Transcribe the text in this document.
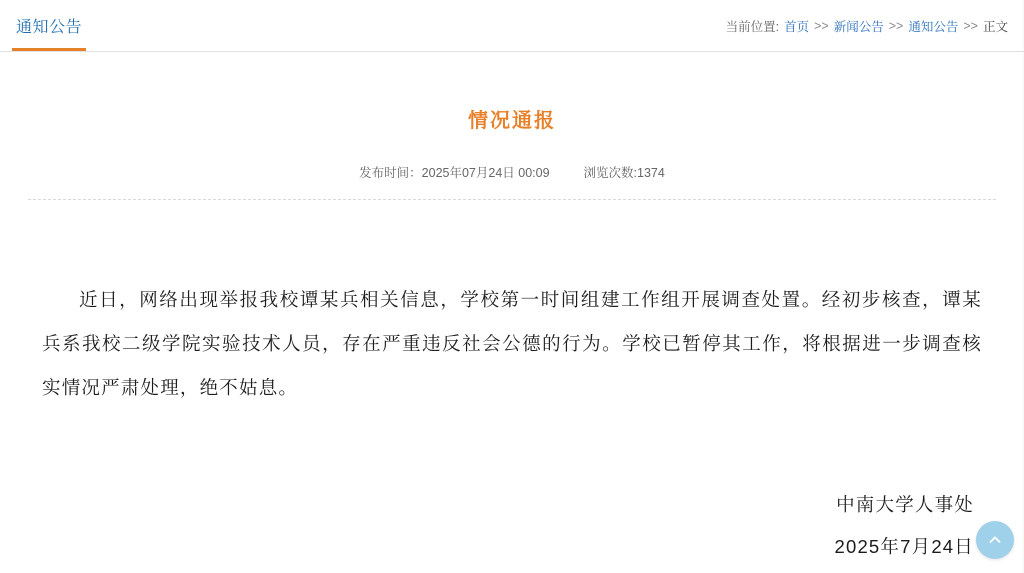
通知公告	当前位置: 首页 >> 新闻公告 >> 通知公告 >> 正文
情况通报
发布时间：2025年07月24日 00:09	浏览次数:1374

近日，网络出现举报我校谭某兵相关信息，学校第一时间组建工作组开展调查处置。经初步核查，谭某兵系我校二级学院实验技术人员，存在严重违反社会公德的行为。学校已暂停其工作，将根据进一步调查核实情况严肃处理，绝不姑息。

中南大学人事处
2025年7月24日
